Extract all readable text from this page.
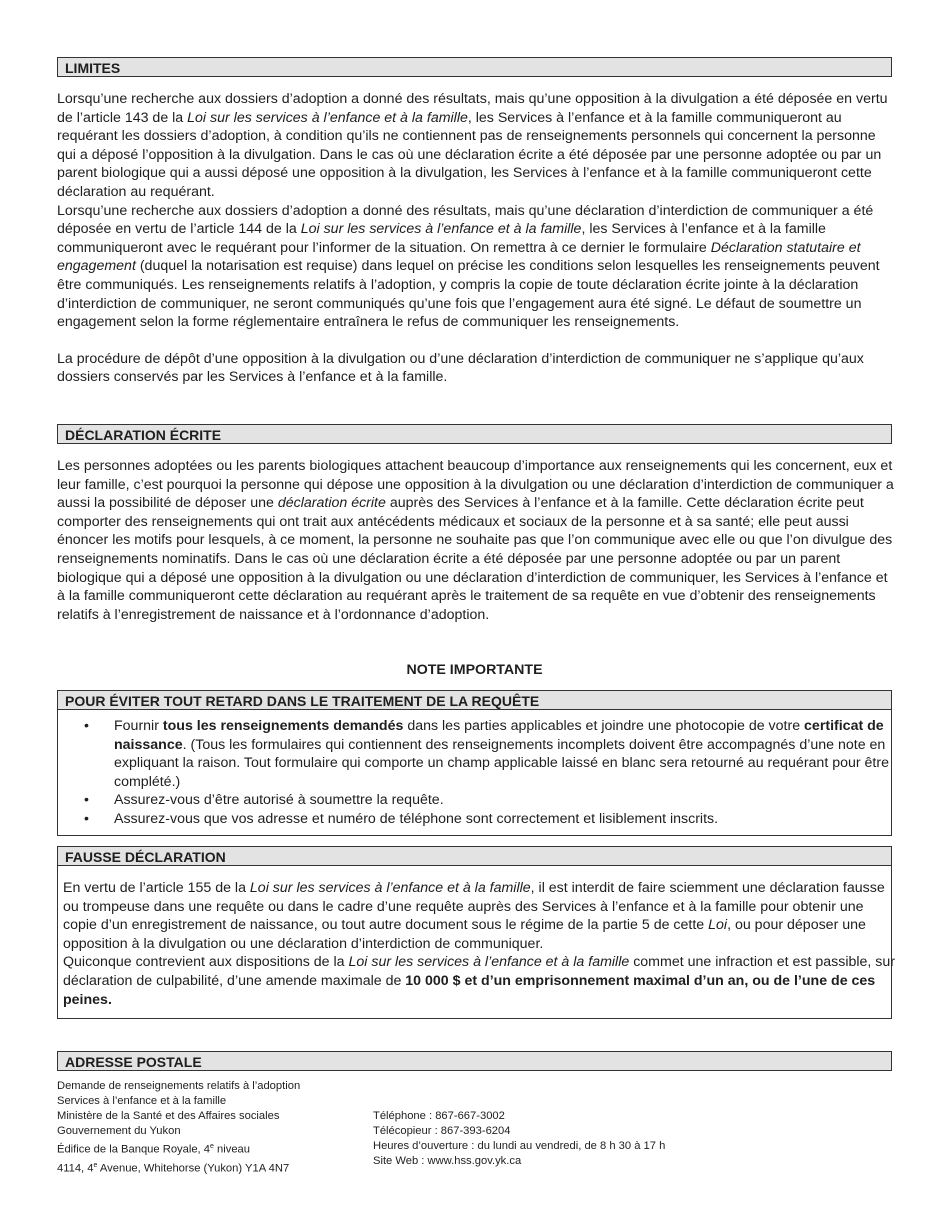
LIMITES

Lorsqu’une recherche aux dossiers d’adoption a donné des résultats, mais qu’une opposition à la divulgation a été déposée en vertu de l’article 143 de la Loi sur les services à l’enfance et à la famille, les Services à l’enfance et à la famille communiqueront au requérant les dossiers d’adoption, à condition qu’ils ne contiennent pas de renseignements personnels qui concernent la personne qui a déposé l’opposition à la divulgation. Dans le cas où une déclaration écrite a été déposée par une personne adoptée ou par un parent biologique qui a aussi déposé une opposition à la divulgation, les Services à l’enfance et à la famille communiqueront cette déclaration au requérant.

Lorsqu’une recherche aux dossiers d’adoption a donné des résultats, mais qu’une déclaration d’interdiction de communiquer a été déposée en vertu de l’article 144 de la Loi sur les services à l’enfance et à la famille, les Services à l’enfance et à la famille communiqueront avec le requérant pour l’informer de la situation. On remettra à ce dernier le formulaire Déclaration statutaire et engagement (duquel la notarisation est requise) dans lequel on précise les conditions selon lesquelles les renseignements peuvent être communiqués. Les renseignements relatifs à l’adoption, y compris la copie de toute déclaration écrite jointe à la déclaration d’interdiction de communiquer, ne seront communiqués qu’une fois que l’engagement aura été signé. Le défaut de soumettre un engagement selon la forme réglementaire entraînera le refus de communiquer les renseignements.

La procédure de dépôt d’une opposition à la divulgation ou d’une déclaration d’interdiction de communiquer ne s’applique qu’aux dossiers conservés par les Services à l’enfance et à la famille.

DÉCLARATION ÉCRITE

Les personnes adoptées ou les parents biologiques attachent beaucoup d’importance aux renseignements qui les concernent, eux et leur famille, c’est pourquoi la personne qui dépose une opposition à la divulgation ou une déclaration d’interdiction de communiquer a aussi la possibilité de déposer une déclaration écrite auprès des Services à l’enfance et à la famille. Cette déclaration écrite peut comporter des renseignements qui ont trait aux antécédents médicaux et sociaux de la personne et à sa santé; elle peut aussi énoncer les motifs pour lesquels, à ce moment, la personne ne souhaite pas que l’on communique avec elle ou que l’on divulgue des renseignements nominatifs. Dans le cas où une déclaration écrite a été déposée par une personne adoptée ou par un parent biologique qui a déposé une opposition à la divulgation ou une déclaration d’interdiction de communiquer, les Services à l’enfance et à la famille communiqueront cette déclaration au requérant après le traitement de sa requête en vue d’obtenir des renseignements relatifs à l’enregistrement de naissance et à l’ordonnance d’adoption.

NOTE IMPORTANTE
POUR ÉVITER TOUT RETARD DANS LE TRAITEMENT DE LA REQUÊTE
• Fournir tous les renseignements demandés dans les parties applicables et joindre une photocopie de votre certificat de naissance. (Tous les formulaires qui contiennent des renseignements incomplets doivent être accompagnés d’une note en expliquant la raison. Tout formulaire qui comporte un champ applicable laissé en blanc sera retourné au requérant pour être complété.)
• Assurez-vous d’être autorisé à soumettre la requête.
• Assurez-vous que vos adresse et numéro de téléphone sont correctement et lisiblement inscrits.
FAUSSE DÉCLARATION

En vertu de l’article 155 de la Loi sur les services à l’enfance et à la famille, il est interdit de faire sciemment une déclaration fausse ou trompeuse dans une requête ou dans le cadre d’une requête auprès des Services à l’enfance et à la famille pour obtenir une copie d’un enregistrement de naissance, ou tout autre document sous le régime de la partie 5 de cette Loi, ou pour déposer une opposition à la divulgation ou une déclaration d’interdiction de communiquer.

Quiconque contrevient aux dispositions de la Loi sur les services à l’enfance et à la famille commet une infraction et est passible, sur déclaration de culpabilité, d’une amende maximale de 10 000 $ et d’un emprisonnement maximal d’un an, ou de l’une de ces peines.

ADRESSE POSTALE
Demande de renseignements relatifs à l’adoption
Services à l’enfance et à la famille
Ministère de la Santé et des Affaires sociales
Gouvernement du Yukon
Édifice de la Banque Royale, 4e niveau
4114, 4e Avenue, Whitehorse (Yukon) Y1A 4N7
Téléphone : 867-667-3002
Télécopieur : 867-393-6204
Heures d’ouverture : du lundi au vendredi, de 8 h 30 à 17 h
Site Web : www.hss.gov.yk.ca
